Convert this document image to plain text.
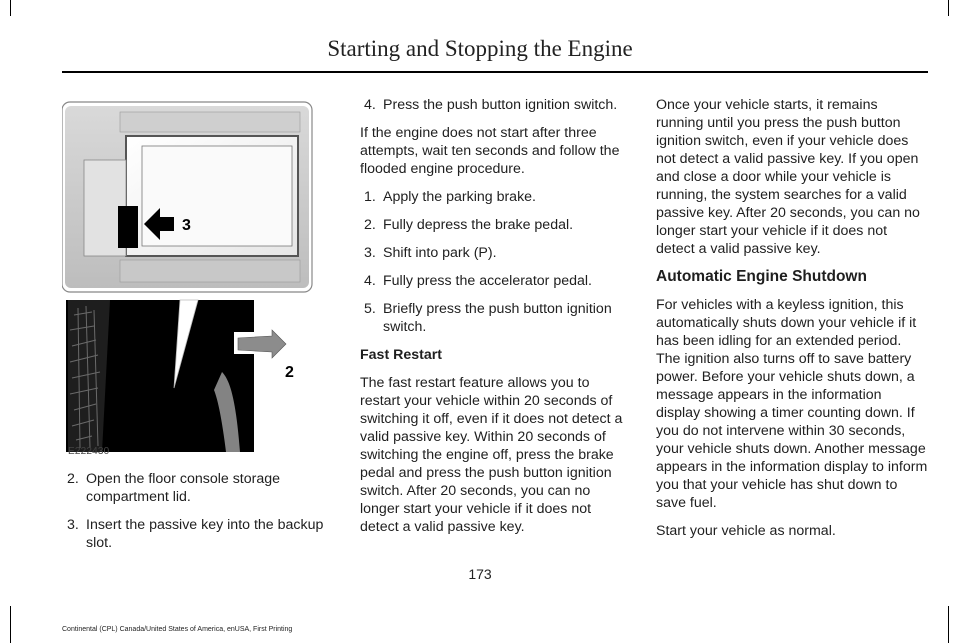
Starting and Stopping the Engine
3
2
E222430
2. Open the floor console storage compartment lid.
3. Insert the passive key into the backup slot.
4. Press the push button ignition switch.

If the engine does not start after three attempts, wait ten seconds and follow the flooded engine procedure.

1. Apply the parking brake.
2. Fully depress the brake pedal.
3. Shift into park (P).
4. Fully press the accelerator pedal.
5. Briefly press the push button ignition switch.
Fast Restart

The fast restart feature allows you to restart your vehicle within 20 seconds of switching it off, even if it does not detect a valid passive key. Within 20 seconds of switching the engine off, press the brake pedal and press the push button ignition switch. After 20 seconds, you can no longer start your vehicle if it does not detect a valid passive key.

Once your vehicle starts, it remains running until you press the push button ignition switch, even if your vehicle does not detect a valid passive key. If you open and close a door while your vehicle is running, the system searches for a valid passive key. After 20 seconds, you can no longer start your vehicle if it does not detect a valid passive key.

Automatic Engine Shutdown

For vehicles with a keyless ignition, this automatically shuts down your vehicle if it has been idling for an extended period. The ignition also turns off to save battery power. Before your vehicle shuts down, a message appears in the information display showing a timer counting down. If you do not intervene within 30 seconds, your vehicle shuts down. Another message appears in the information display to inform you that your vehicle has shut down to save fuel.

Start your vehicle as normal.

173
Continental (CPL) Canada/United States of America, enUSA, First Printing
